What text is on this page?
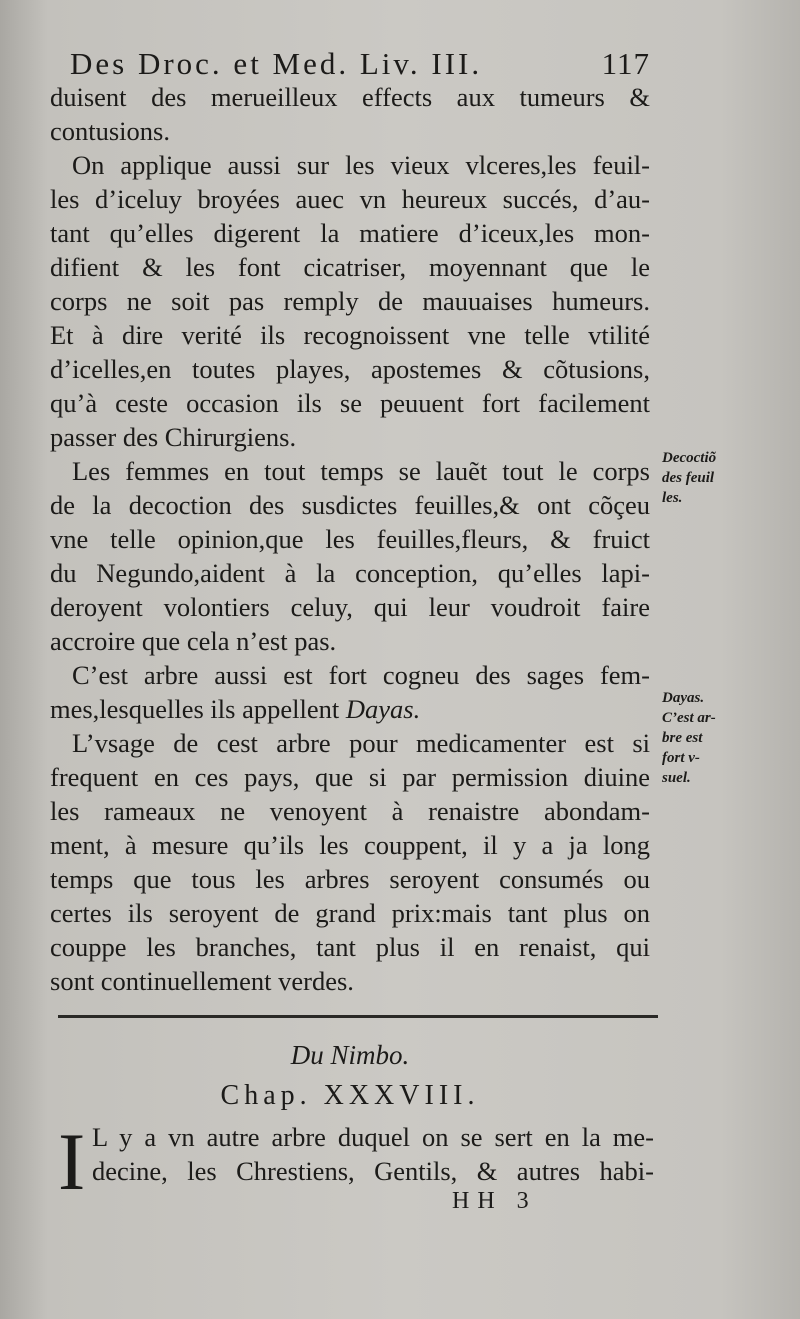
Des Droc. et Med. Liv. III.	117
duisent des merueilleux effects aux tumeurs &
contusions.
On applique aussi sur les vieux vlceres,les feuil-
les d’iceluy broyées auec vn heureux succés, d’au-
tant qu’elles digerent la matiere d’iceux,les mon-
difient & les font cicatriser, moyennant que le
corps ne soit pas remply de mauuaises humeurs.
Et à dire verité ils recognoissent vne telle vtilité
d’icelles,en toutes playes, apostemes & cõtusions,
qu’à ceste occasion ils se peuuent fort facilement
passer des Chirurgiens.
Les femmes en tout temps se lauẽt tout le corps
de la decoction des susdictes feuilles,& ont cõçeu
vne telle opinion,que les feuilles,fleurs, & fruict
du Negundo,aident à la conception, qu’elles lapi-
deroyent volontiers celuy, qui leur voudroit faire
accroire que cela n’est pas.
C’est arbre aussi est fort cogneu des sages fem-
mes,lesquelles ils appellent Dayas.
L’vsage de cest arbre pour medicamenter est si
frequent en ces pays, que si par permission diuine
les rameaux ne venoyent à renaistre abondam-
ment, à mesure qu’ils les couppent, il y a ja long
temps que tous les arbres seroyent consumés ou
certes ils seroyent de grand prix:mais tant plus on
couppe les branches, tant plus il en renaist, qui
sont continuellement verdes.
Decoctiõ
des feuil
les.
Dayas.
C’est ar-
bre est
fort v-
suel.
Du Nimbo.
Chap. XXXVIII.
I L y a vn autre arbre duquel on se sert en la me-
decine, les Chrestiens, Gentils, & autres habi-
HH 3
